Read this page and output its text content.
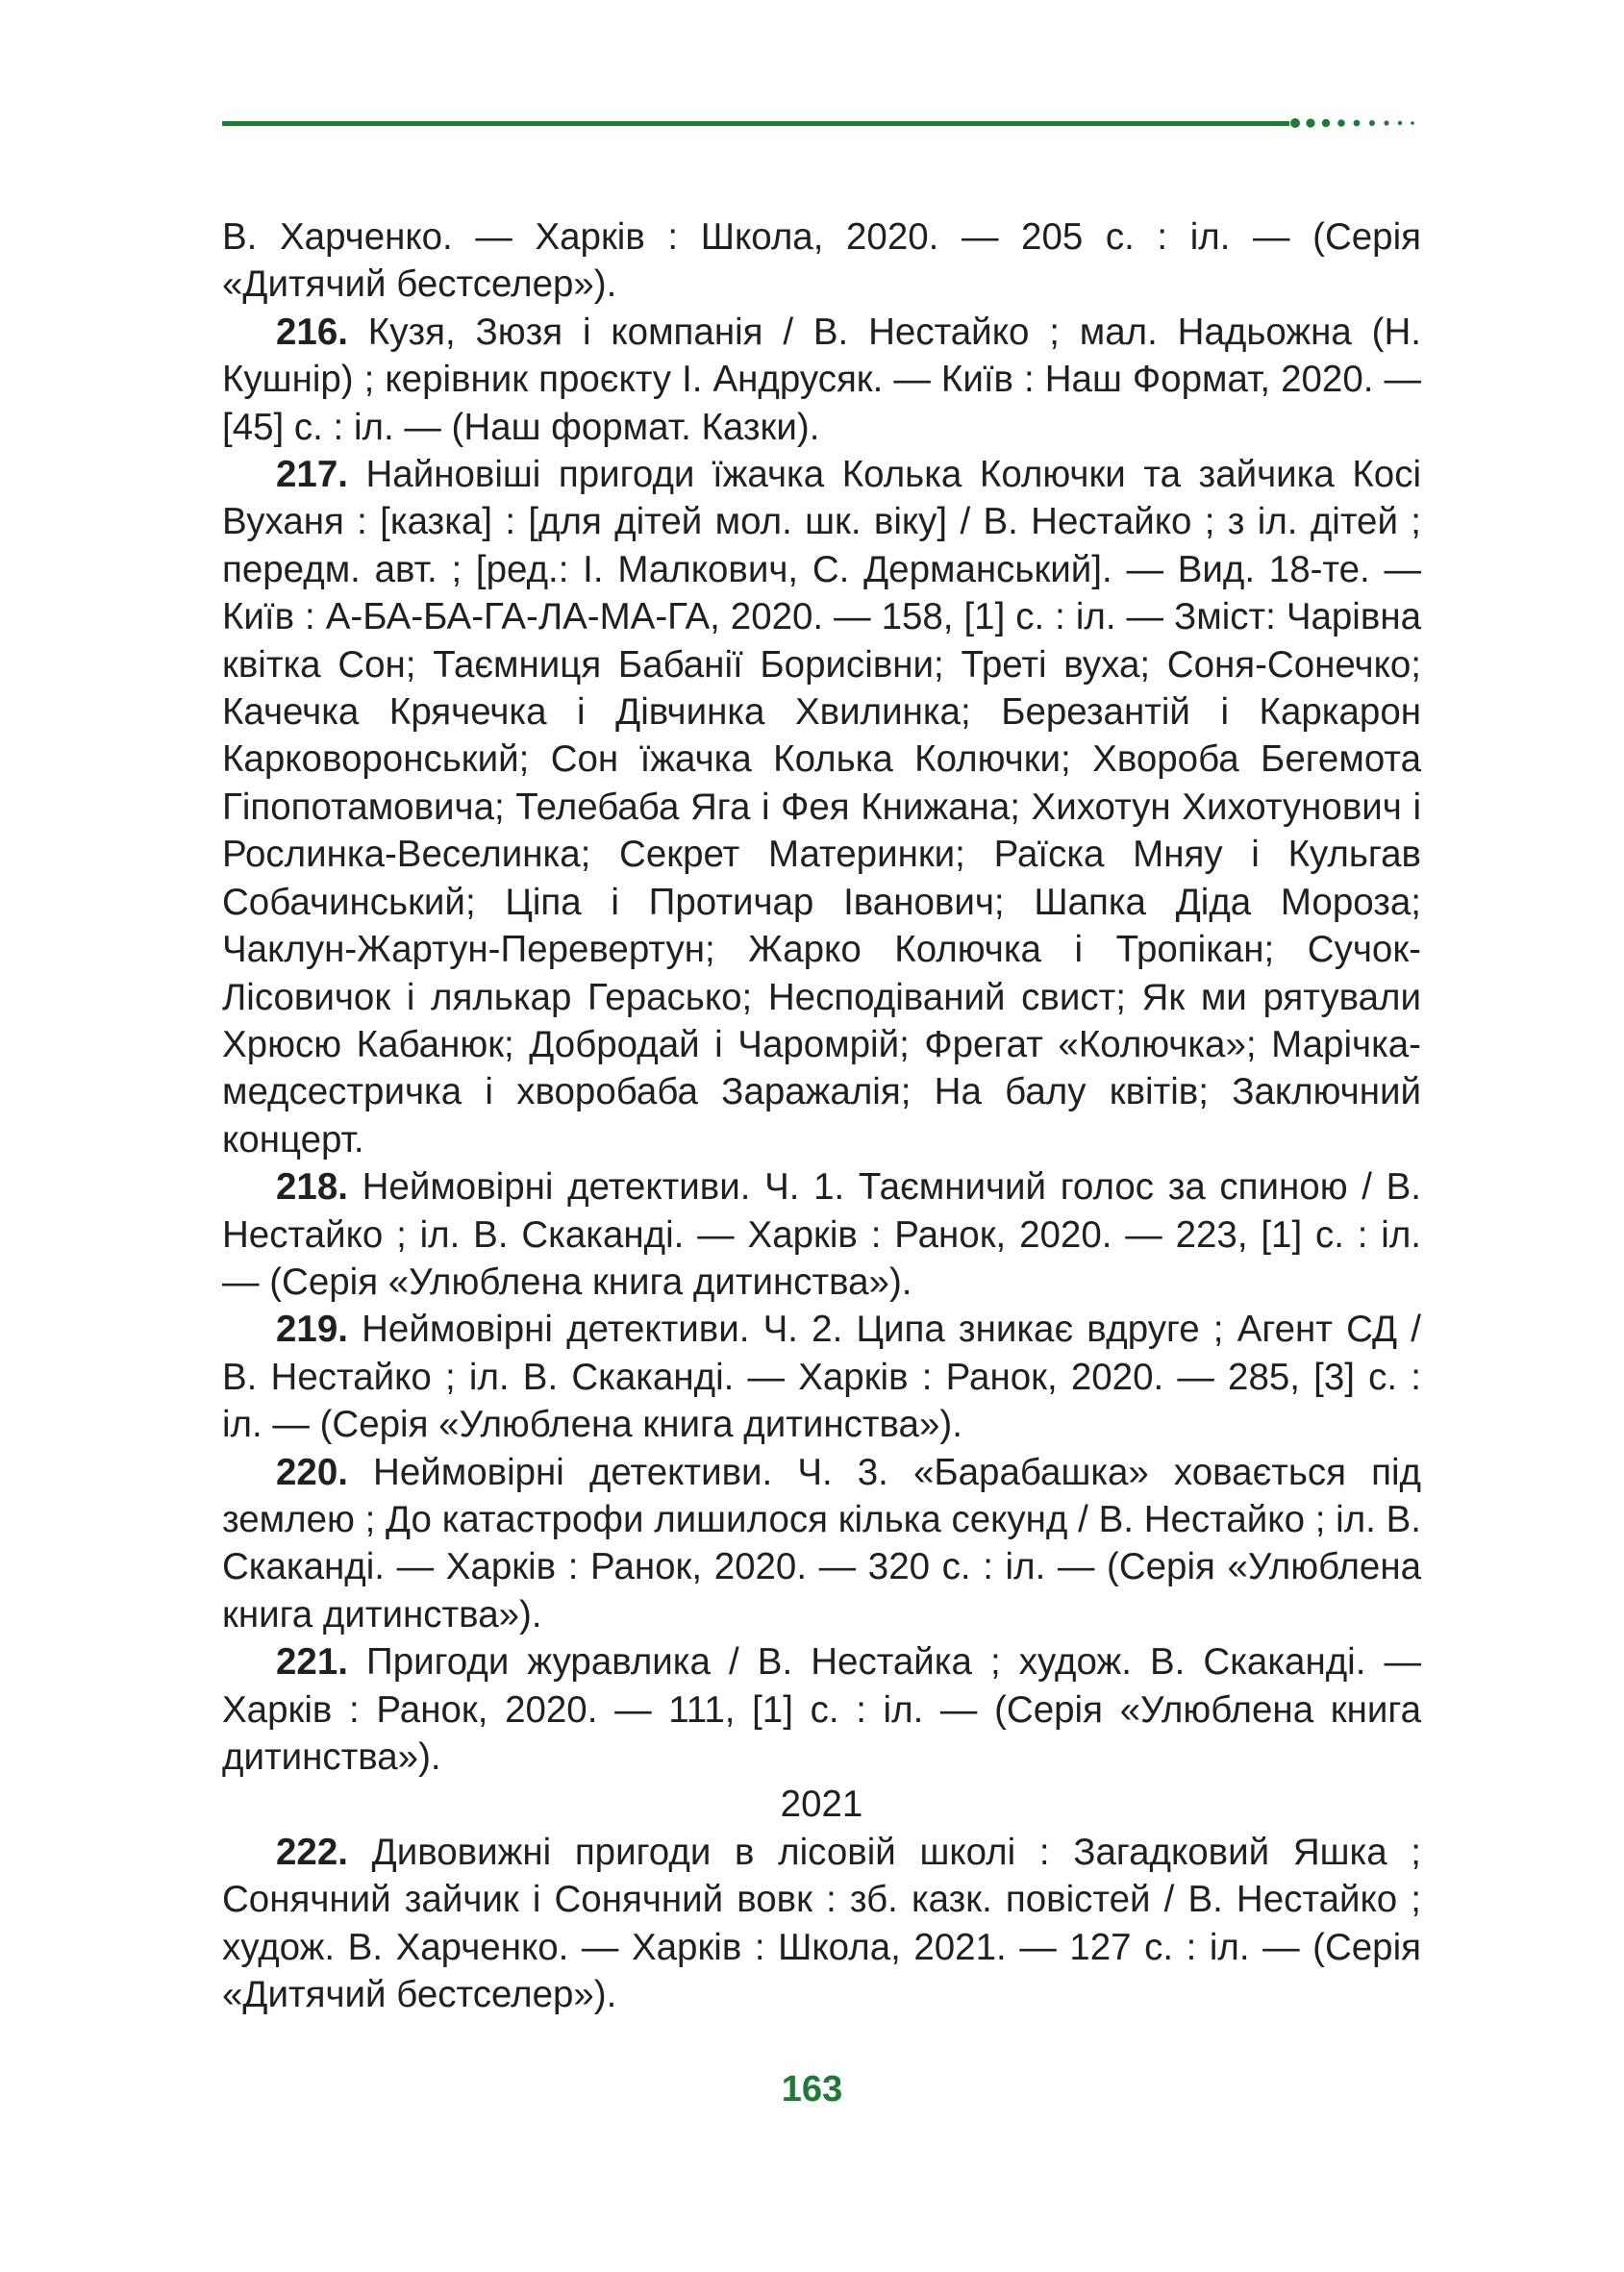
В. Харченко. — Харків : Школа, 2020. — 205 с. : іл. — (Серія «Дитячий бестселер»).

216. Кузя, Зюзя і компанія / В. Нестайко ; мал. Надьожна (Н. Кушнір) ; керівник проєкту І. Андрусяк. — Київ : Наш Формат, 2020. — [45] с. : іл. — (Наш формат. Казки).

217. Найновіші пригоди їжачка Колька Колючки та зайчика Косі Вуханя : [казка] : [для дітей мол. шк. віку] / В. Нестайко ; з іл. дітей ; передм. авт. ; [ред.: І. Малкович, С. Дерманський]. — Вид. 18-те. — Київ : А-БА-БА-ГА-ЛА-МА-ГА, 2020. — 158, [1] с. : іл. — Зміст: Чарівна квітка Сон; Таємниця Бабанії Борисівни; Треті вуха; Соня-Сонечко; Качечка Крячечка і Дівчинка Хвилинка; Березантій і Каркарон Карковоронський; Сон їжачка Колька Колючки; Хвороба Бегемота Гіпопотамовича; Телебаба Яга і Фея Книжана; Хихотун Хихотунович і Рослинка-Веселинка; Секрет Материнки; Раїска Мняу і Кульгав Собачинський; Ціпа і Протичар Іванович; Шапка Діда Мороза; Чаклун-Жартун-Перевертун; Жарко Колючка і Тропікан; Сучок-Лісовичок і лялькар Герасько; Несподіваний свист; Як ми рятували Хрюсю Кабанюк; Добродай і Чаромрій; Фрегат «Колючка»; Марічка-медсестричка і хворобаба Заражалія; На балу квітів; Заключний концерт.

218. Неймовірні детективи. Ч. 1. Таємничий голос за спиною / В. Нестайко ; іл. В. Скаканді. — Харків : Ранок, 2020. — 223, [1] с. : іл. — (Серія «Улюблена книга дитинства»).

219. Неймовірні детективи. Ч. 2. Ципа зникає вдруге ; Агент СД / В. Нестайко ; іл. В. Скаканді. — Харків : Ранок, 2020. — 285, [3] с. : іл. — (Серія «Улюблена книга дитинства»).

220. Неймовірні детективи. Ч. 3. «Барабашка» ховається під землею ; До катастрофи лишилося кілька секунд / В. Нестайко ; іл. В. Скаканді. — Харків : Ранок, 2020. — 320 с. : іл. — (Серія «Улюблена книга дитинства»).

221. Пригоди журавлика / В. Нестайка ; худож. В. Скаканді. — Харків : Ранок, 2020. — 111, [1] с. : іл. — (Серія «Улюблена книга дитинства»).

2021

222. Дивовижні пригоди в лісовій школі : Загадковий Яшка ; Сонячний зайчик і Сонячний вовк : зб. казк. повістей / В. Нестайко ; худож. В. Харченко. — Харків : Школа, 2021. — 127 с. : іл. — (Серія «Дитячий бестселер»).

163
